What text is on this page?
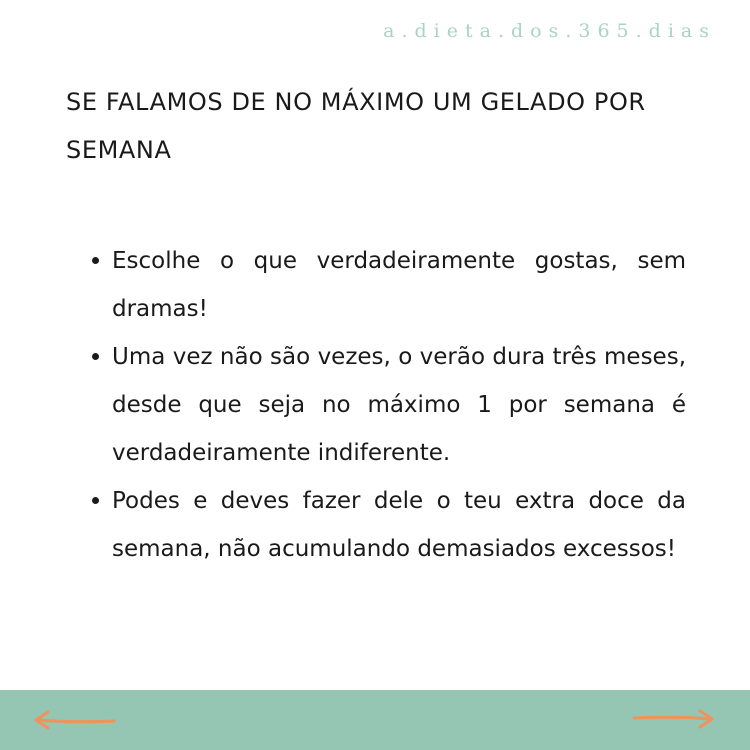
a.dieta.dos.365.dias
SE FALAMOS DE NO MÁXIMO UM GELADO POR SEMANA
Escolhe o que verdadeiramente gostas, sem dramas!
Uma vez não são vezes, o verão dura três meses, desde que seja no máximo 1 por semana é verdadeiramente indiferente.
Podes e deves fazer dele o teu extra doce da semana, não acumulando demasiados excessos!
